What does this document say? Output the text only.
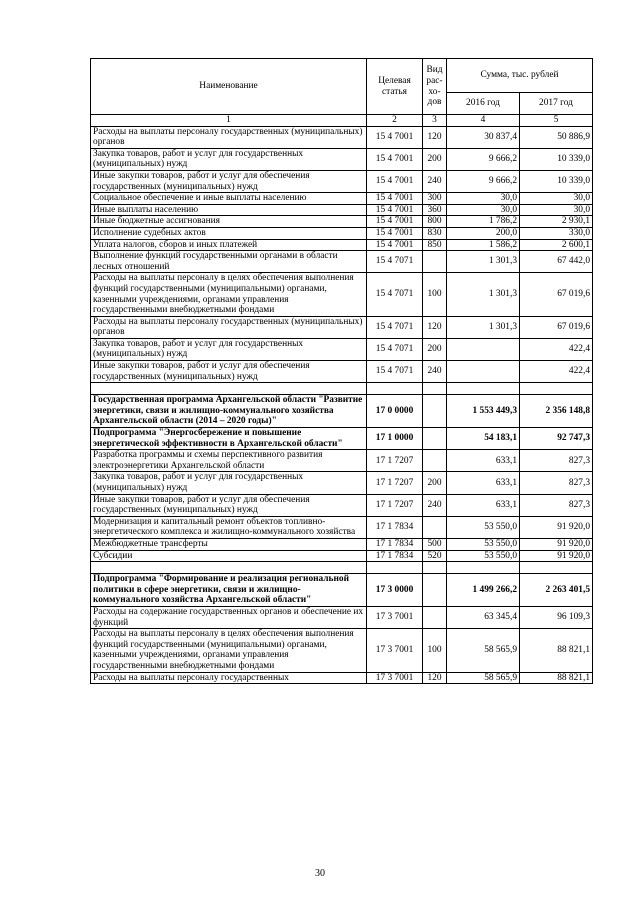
Наименование	Целевая статья	Вид рас-хо-дов	Сумма, тыс. рублей	
			2016 год	2017 год
1	2	3	4	5
Расходы на выплаты персоналу государственных (муниципальных) органов	15 4 7001	120	30 837,4	50 886,9
Закупка товаров, работ и услуг для государственных (муниципальных) нужд	15 4 7001	200	9 666,2	10 339,0
Иные закупки товаров, работ и услуг для обеспечения государственных (муниципальных) нужд	15 4 7001	240	9 666,2	10 339,0
Социальное обеспечение и иные выплаты населению	15 4 7001	300	30,0	30,0
Иные выплаты населению	15 4 7001	360	30,0	30,0
Иные бюджетные ассигнования	15 4 7001	800	1 786,2	2 930,1
Исполнение судебных актов	15 4 7001	830	200,0	330,0
Уплата налогов, сборов и иных платежей	15 4 7001	850	1 586,2	2 600,1
Выполнение функций государственными органами в области лесных отношений	15 4 7071		1 301,3	67 442,0
Расходы на выплаты персоналу в целях обеспечения выполнения функций государственными (муниципальными) органами, казенными учреждениями, органами управления государственными внебюджетными фондами	15 4 7071	100	1 301,3	67 019,6
Расходы на выплаты персоналу государственных (муниципальных) органов	15 4 7071	120	1 301,3	67 019,6
Закупка товаров, работ и услуг для государственных (муниципальных) нужд	15 4 7071	200		422,4
Иные закупки товаров, работ и услуг для обеспечения государственных (муниципальных) нужд	15 4 7071	240		422,4

Государственная программа Архангельской области "Развитие энергетики, связи и жилищно-коммунального хозяйства Архангельской области (2014 – 2020 годы)"	17 0 0000		1 553 449,3	2 356 148,8
Подпрограмма "Энергосбережение и повышение энергетической эффективности в Архангельской области"	17 1 0000		54 183,1	92 747,3
Разработка программы и схемы перспективного развития электроэнергетики Архангельской области	17 1 7207		633,1	827,3
Закупка товаров, работ и услуг для государственных (муниципальных) нужд	17 1 7207	200	633,1	827,3
Иные закупки товаров, работ и услуг для обеспечения государственных (муниципальных) нужд	17 1 7207	240	633,1	827,3
Модернизация и капитальный ремонт объектов топливно-энергетического комплекса и жилищно-коммунального хозяйства	17 1 7834		53 550,0	91 920,0
Межбюджетные трансферты	17 1 7834	500	53 550,0	91 920,0
Субсидии	17 1 7834	520	53 550,0	91 920,0

Подпрограмма "Формирование и реализация региональной политики в сфере энергетики, связи и жилищно-коммунального хозяйства Архангельской области"	17 3 0000		1 499 266,2	2 263 401,5
Расходы на содержание государственных органов и обеспечение их функций	17 3 7001		63 345,4	96 109,3
Расходы на выплаты персоналу в целях обеспечения выполнения функций государственными (муниципальными) органами, казенными учреждениями, органами управления государственными внебюджетными фондами	17 3 7001	100	58 565,9	88 821,1
Расходы на выплаты персоналу государственных	17 3 7001	120	58 565,9	88 821,1
30
